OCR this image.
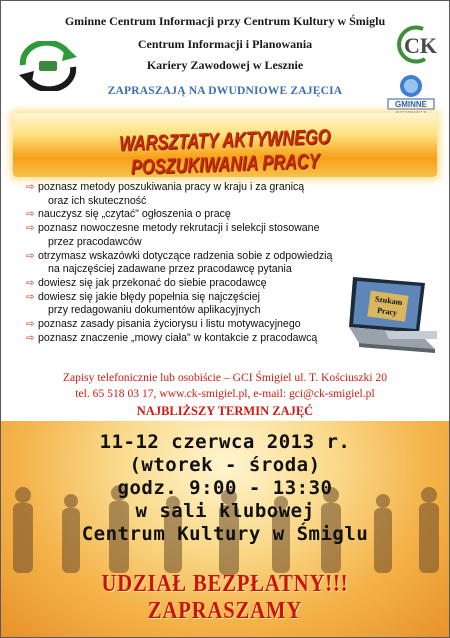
CK
GMINNE
Gminne Centrum Informacji przy Centrum Kultury w Śmiglu
Centrum Informacji i Planowania
Kariery Zawodowej w Lesznie
ZAPRASZAJĄ NA DWUDNIOWE ZAJĘCIA
WARSZTATY AKTYWNEGO POSZUKIWANIA PRACY
⇨ poznasz metody poszukiwania pracy w kraju i za granicą
oraz ich skuteczność
⇨ nauczysz się „czytać" ogłoszenia o pracę
⇨ poznasz nowoczesne metody rekrutacji i selekcji stosowane
przez pracodawców
⇨ otrzymasz wskazówki dotyczące radzenia sobie z odpowiedzią
na najczęściej zadawane przez pracodawcę pytania
⇨ dowiesz się jak przekonać do siebie pracodawcę
⇨ dowiesz się jakie błędy popełnia się najczęściej
przy redagowaniu dokumentów aplikacyjnych
⇨ poznasz zasady pisania życiorysu i listu motywacyjnego
⇨ poznasz znaczenie „mowy ciała" w kontakcie z pracodawcą
Szukam
Pracy
Zapisy telefonicznie lub osobiście – GCI Śmigiel ul. T. Kościuszki 20
tel. 65 518 03 17, www.ck-smigiel.pl, e-mail: gci@ck-smigiel.pl
NAJBLIŻSZY TERMIN ZAJĘĆ
11-12 czerwca 2013 r.
(wtorek - środa)
godz. 9:00 - 13:30
w sali klubowej
Centrum Kultury w Śmiglu
UDZIAŁ BEZPŁATNY!!! ZAPRASZAMY
